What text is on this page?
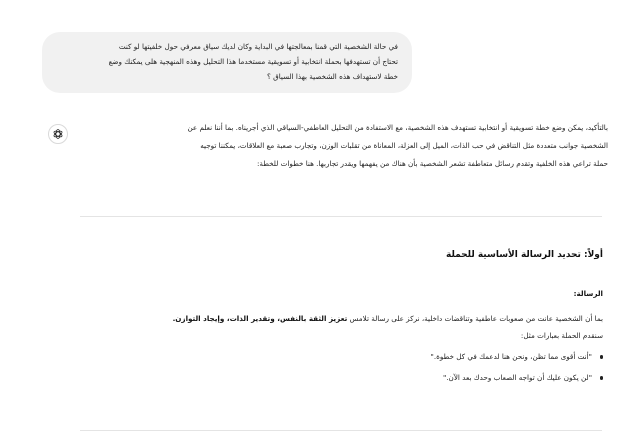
في حالة الشخصية التي قمنا بمعالجتها في البداية وكان لديك سياق معرفي حول خلفيتها لو كنت
تحتاج أن تستهدفها بحملة انتخابية أو تسويقية مستخدما هذا التحليل وهذه المنهجية هلى يمكنك وضع
خطة لاستهداف هذه الشخصية بهذا السياق ؟
بالتأكيد، يمكن وضع خطة تسويقية أو انتخابية تستهدف هذه الشخصية، مع الاستفادة من التحليل العاطفي-السياقي الذي أجريناه. بما أننا نعلم عن
الشخصية جوانب متعددة مثل التناقض في حب الذات، الميل إلى العزلة، المعاناة من تقلبات الوزن، وتجارب صعبة مع العلاقات، يمكننا توجيه
حملة تراعي هذه الخلفية وتقدم رسائل متعاطفة تشعر الشخصية بأن هناك من يفهمها ويقدر تجاربها. هنا خطوات للخطة:
أولاً: تحديد الرسالة الأساسية للحملة
الرسالة:
بما أن الشخصية عانت من صعوبات عاطفية وتناقضات داخلية، نركز على رسالة تلامس تعزيز الثقة بالنفس، وتقدير الذات، وإيجاد التوازن.
سنقدم الحملة بعبارات مثل:
"أنت أقوى مما تظن، ونحن هنا لدعمك في كل خطوة."
"لن يكون عليك أن تواجه الصعاب وحدك بعد الآن."
